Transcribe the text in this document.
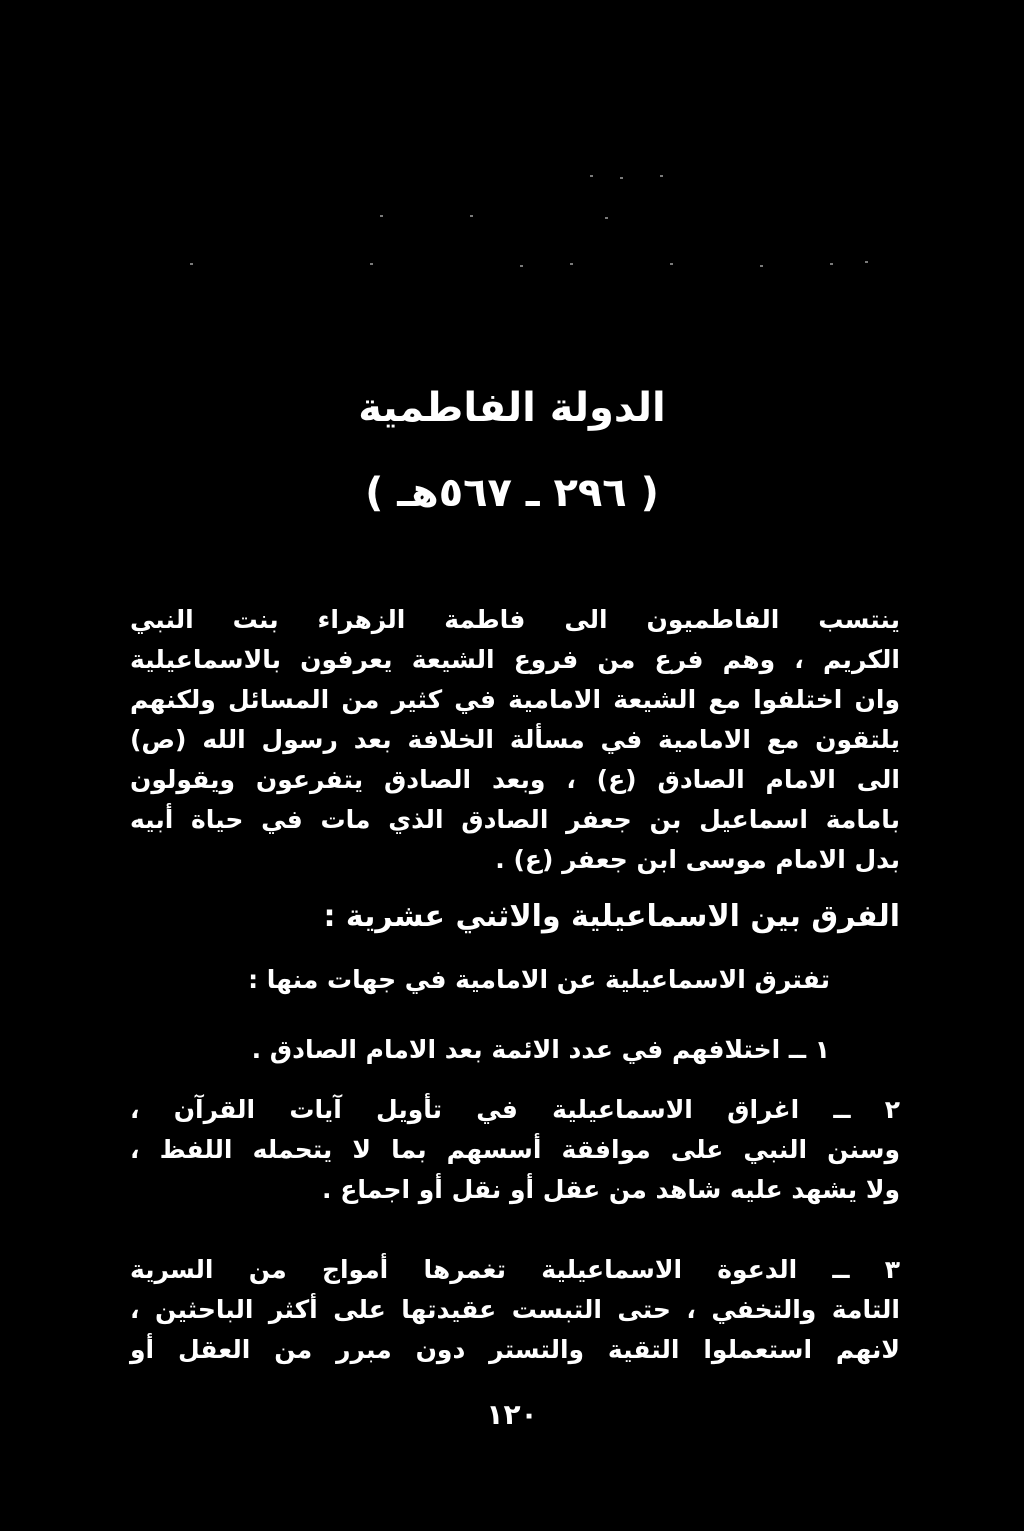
الدولة الفاطمية
( ٢٩٦ ـ ٥٦٧هـ )
ينتسب الفاطميون الى فاطمة الزهراء بنت النبي
الكريم ، وهم فرع من فروع الشيعة يعرفون بالاسماعيلية
وان اختلفوا مع الشيعة الامامية في كثير من المسائل ولكنهم
يلتقون مع الامامية في مسألة الخلافة بعد رسول الله (ص)
الى الامام الصادق (ع) ، وبعد الصادق يتفرعون ويقولون
بامامة اسماعيل بن جعفر الصادق الذي مات في حياة أبيه
بدل الامام موسى ابن جعفر (ع) .
الفرق بين الاسماعيلية والاثني عشرية :
تفترق الاسماعيلية عن الامامية في جهات منها :
١ ــ اختلافهم في عدد الائمة بعد الامام الصادق .
٢ ــ اغراق الاسماعيلية في تأويل آيات القرآن ،
وسنن النبي على موافقة أسسهم بما لا يتحمله اللفظ ،
ولا يشهد عليه شاهد من عقل أو نقل أو اجماع .
٣ ــ الدعوة الاسماعيلية تغمرها أمواج من السرية
التامة والتخفي ، حتى التبست عقيدتها على أكثر الباحثين ،
لانهم استعملوا التقية والتستر دون مبرر من العقل أو
١٢٠
